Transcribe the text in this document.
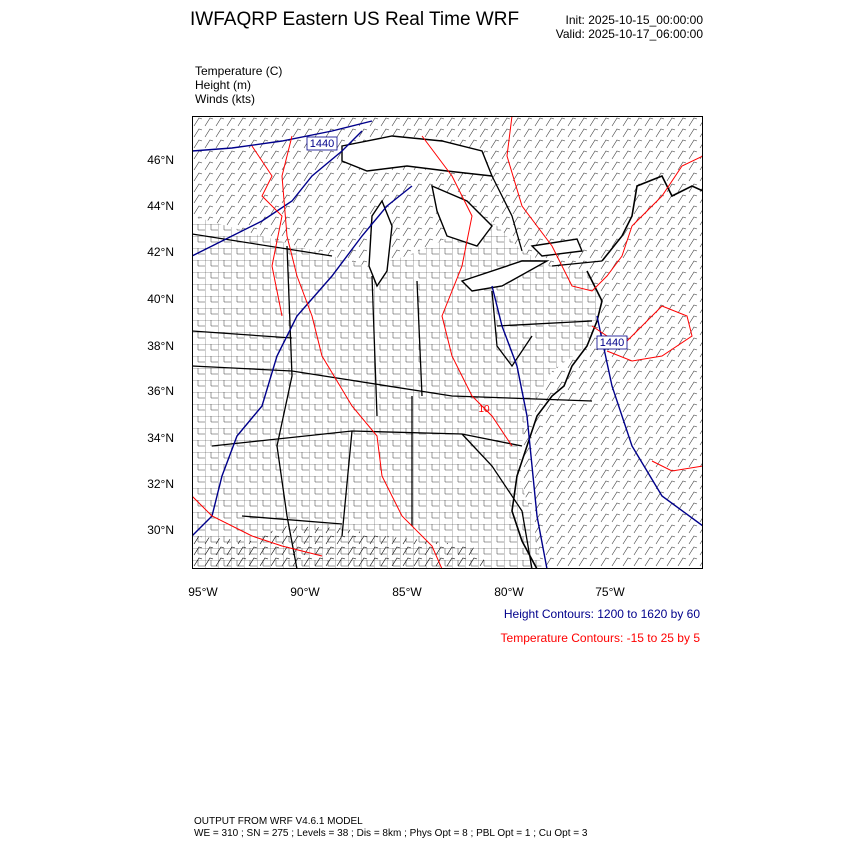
IWFAQRP Eastern US Real Time WRF	Init: 2025-10-15_00:00:00
Valid: 2025-10-17_06:00:00
Temperature (C)
Height (m)
Winds (kts)
1440
1440
10
46°N
44°N
42°N
40°N
38°N
36°N
34°N
32°N
30°N
95°W	90°W	85°W	80°W	75°W
Height Contours: 1200 to 1620 by 60
Temperature Contours: -15 to 25 by 5
OUTPUT FROM WRF V4.6.1 MODEL
WE = 310 ; SN = 275 ; Levels = 38 ; Dis = 8km ; Phys Opt = 8 ; PBL Opt = 1 ; Cu Opt = 3
